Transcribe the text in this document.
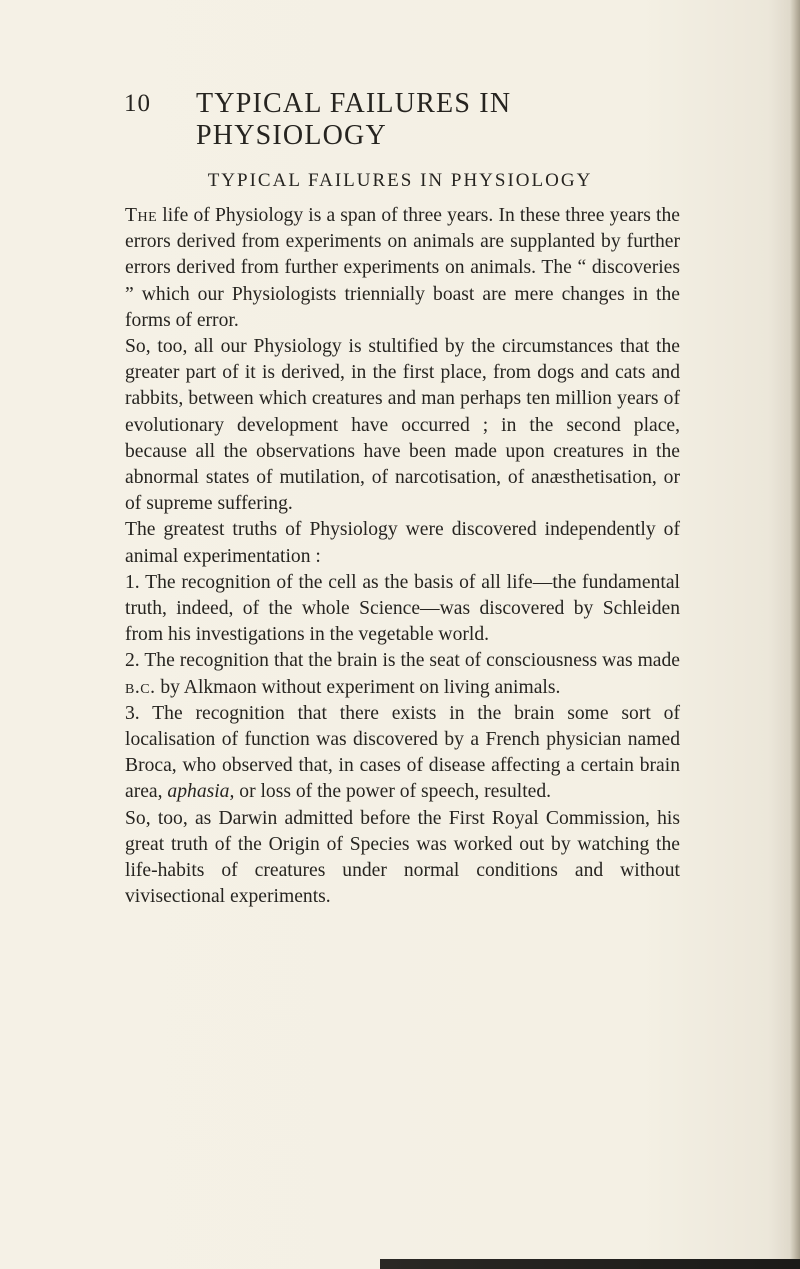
10 TYPICAL FAILURES IN PHYSIOLOGY
TYPICAL FAILURES IN PHYSIOLOGY

The life of Physiology is a span of three years. In these three years the errors derived from experiments on animals are supplanted by further errors derived from further experiments on animals. The “ discoveries ” which our Physiologists triennially boast are mere changes in the forms of error.

So, too, all our Physiology is stultified by the circumstances that the greater part of it is derived, in the first place, from dogs and cats and rabbits, between which creatures and man perhaps ten million years of evolutionary development have occurred ; in the second place, because all the observations have been made upon creatures in the abnormal states of mutilation, of narcotisation, of anæsthetisation, or of supreme suffering.

The greatest truths of Physiology were discovered independently of animal experimentation :

1. The recognition of the cell as the basis of all life—the fundamental truth, indeed, of the whole Science—was discovered by Schleiden from his investigations in the vegetable world.

2. The recognition that the brain is the seat of consciousness was made b.c. by Alkmaon without experiment on living animals.

3. The recognition that there exists in the brain some sort of localisation of function was discovered by a French physician named Broca, who observed that, in cases of disease affecting a certain brain area, aphasia, or loss of the power of speech, resulted.

So, too, as Darwin admitted before the First Royal Commission, his great truth of the Origin of Species was worked out by watching the life-habits of creatures under normal conditions and without vivisectional experiments.
